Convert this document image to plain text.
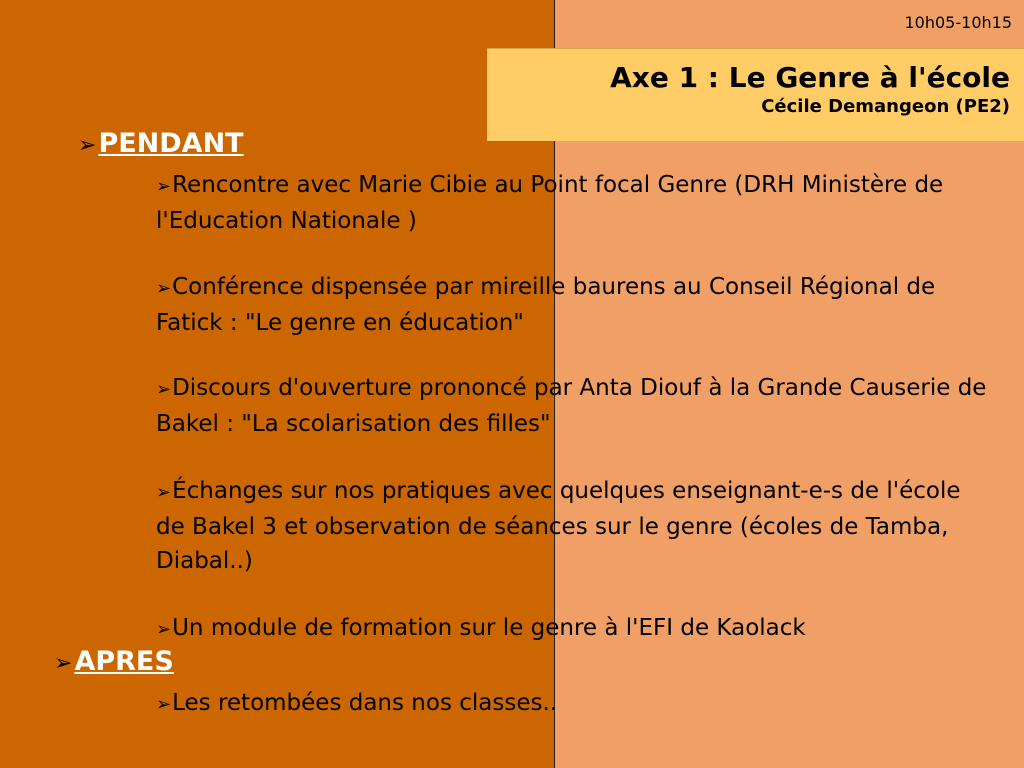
10h05-10h15
Axe 1 : Le Genre à l'école
Cécile Demangeon (PE2)
➢PENDANT
➢Rencontre avec Marie Cibie au Point focal Genre (DRH Ministère de l'Education Nationale )
➢Conférence dispensée par mireille baurens au Conseil Régional de Fatick : "Le genre en éducation"
➢Discours d'ouverture prononcé par Anta Diouf à la Grande Causerie de Bakel : "La scolarisation des filles"
➢Échanges sur nos pratiques avec quelques enseignant-e-s de l'école de Bakel 3 et observation de séances sur le genre (écoles de Tamba, Diabal..)
➢Un module de formation sur le genre à l'EFI de Kaolack
➢APRES
➢Les retombées dans nos classes..
